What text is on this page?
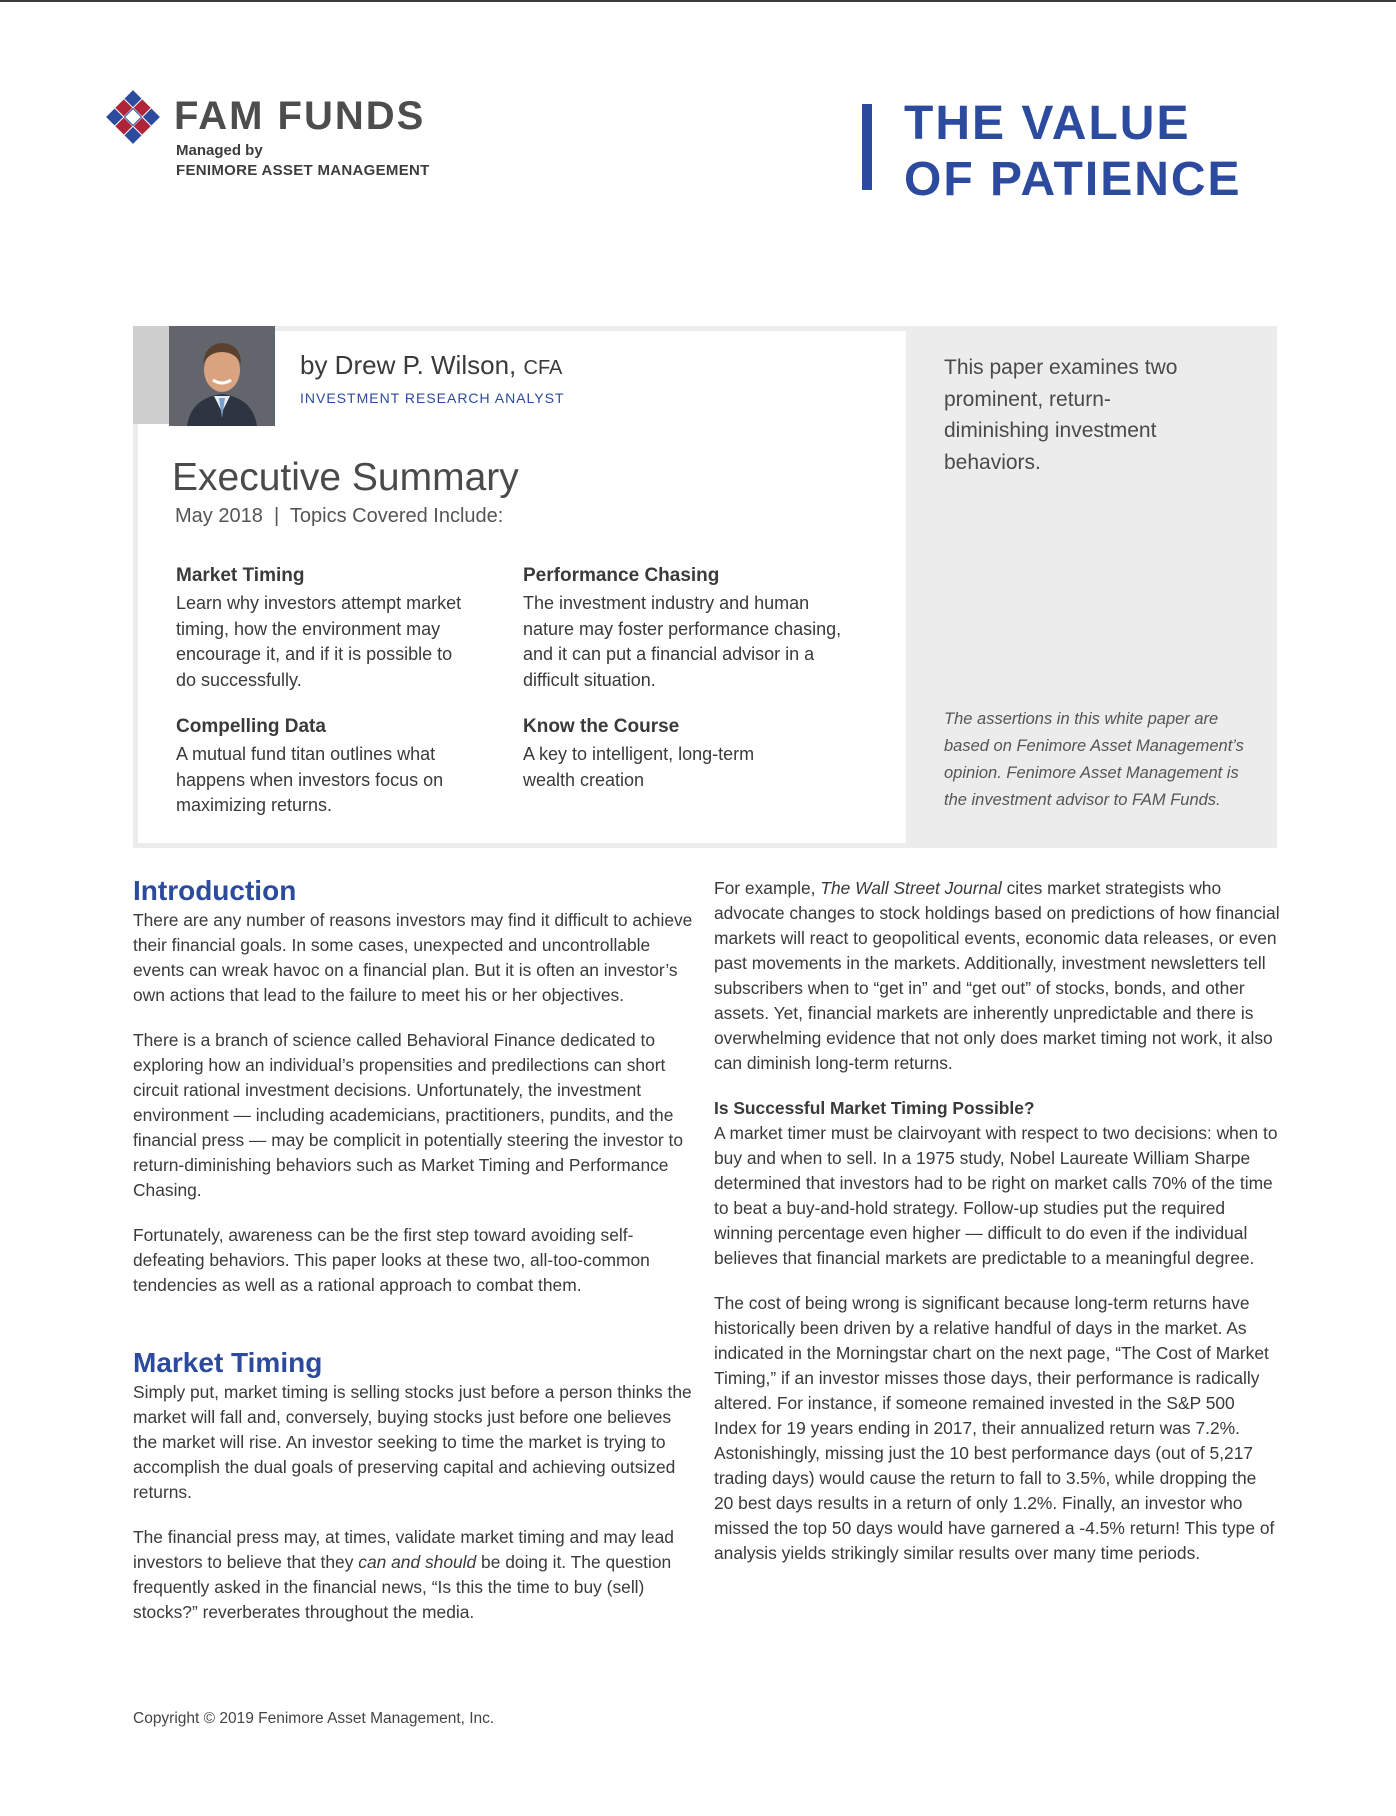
FAM FUNDS
Managed by
FENIMORE ASSET MANAGEMENT
THE VALUE
OF PATIENCE
by Drew P. Wilson, CFA
INVESTMENT RESEARCH ANALYST
Executive Summary
May 2018  |  Topics Covered Include:
Market Timing
Learn why investors attempt market timing, how the environment may encourage it, and if it is possible to do successfully.
Performance Chasing
The investment industry and human nature may foster performance chasing, and it can put a financial advisor in a difficult situation.
Compelling Data
A mutual fund titan outlines what happens when investors focus on maximizing returns.
Know the Course
A key to intelligent, long-term wealth creation
This paper examines two prominent, return-diminishing investment behaviors.
The assertions in this white paper are based on Fenimore Asset Management’s opinion. Fenimore Asset Management is the investment advisor to FAM Funds.
Introduction

There are any number of reasons investors may find it difficult to achieve their financial goals. In some cases, unexpected and uncontrollable events can wreak havoc on a financial plan. But it is often an investor’s own actions that lead to the failure to meet his or her objectives.

There is a branch of science called Behavioral Finance dedicated to exploring how an individual’s propensities and predilections can short circuit rational investment decisions. Unfortunately, the investment environment — including academicians, practitioners, pundits, and the financial press — may be complicit in potentially steering the investor to return-diminishing behaviors such as Market Timing and Performance Chasing.

Fortunately, awareness can be the first step toward avoiding self-defeating behaviors. This paper looks at these two, all-too-common tendencies as well as a rational approach to combat them.

Market Timing

Simply put, market timing is selling stocks just before a person thinks the market will fall and, conversely, buying stocks just before one believes the market will rise. An investor seeking to time the market is trying to accomplish the dual goals of preserving capital and achieving outsized returns.

The financial press may, at times, validate market timing and may lead investors to believe that they can and should be doing it. The question frequently asked in the financial news, “Is this the time to buy (sell) stocks?” reverberates throughout the media.

For example, The Wall Street Journal cites market strategists who advocate changes to stock holdings based on predictions of how financial markets will react to geopolitical events, economic data releases, or even past movements in the markets. Additionally, investment newsletters tell subscribers when to “get in” and “get out” of stocks, bonds, and other assets. Yet, financial markets are inherently unpredictable and there is overwhelming evidence that not only does market timing not work, it also can diminish long-term returns.

Is Successful Market Timing Possible?

A market timer must be clairvoyant with respect to two decisions: when to buy and when to sell. In a 1975 study, Nobel Laureate William Sharpe determined that investors had to be right on market calls 70% of the time to beat a buy-and-hold strategy. Follow-up studies put the required winning percentage even higher — difficult to do even if the individual believes that financial markets are predictable to a meaningful degree.

The cost of being wrong is significant because long-term returns have historically been driven by a relative handful of days in the market. As indicated in the Morningstar chart on the next page, “The Cost of Market Timing,” if an investor misses those days, their performance is radically altered. For instance, if someone remained invested in the S&P 500 Index for 19 years ending in 2017, their annualized return was 7.2%. Astonishingly, missing just the 10 best performance days (out of 5,217 trading days) would cause the return to fall to 3.5%, while dropping the 20 best days results in a return of only 1.2%. Finally, an investor who missed the top 50 days would have garnered a -4.5% return! This type of analysis yields strikingly similar results over many time periods.

Copyright © 2019 Fenimore Asset Management, Inc.
